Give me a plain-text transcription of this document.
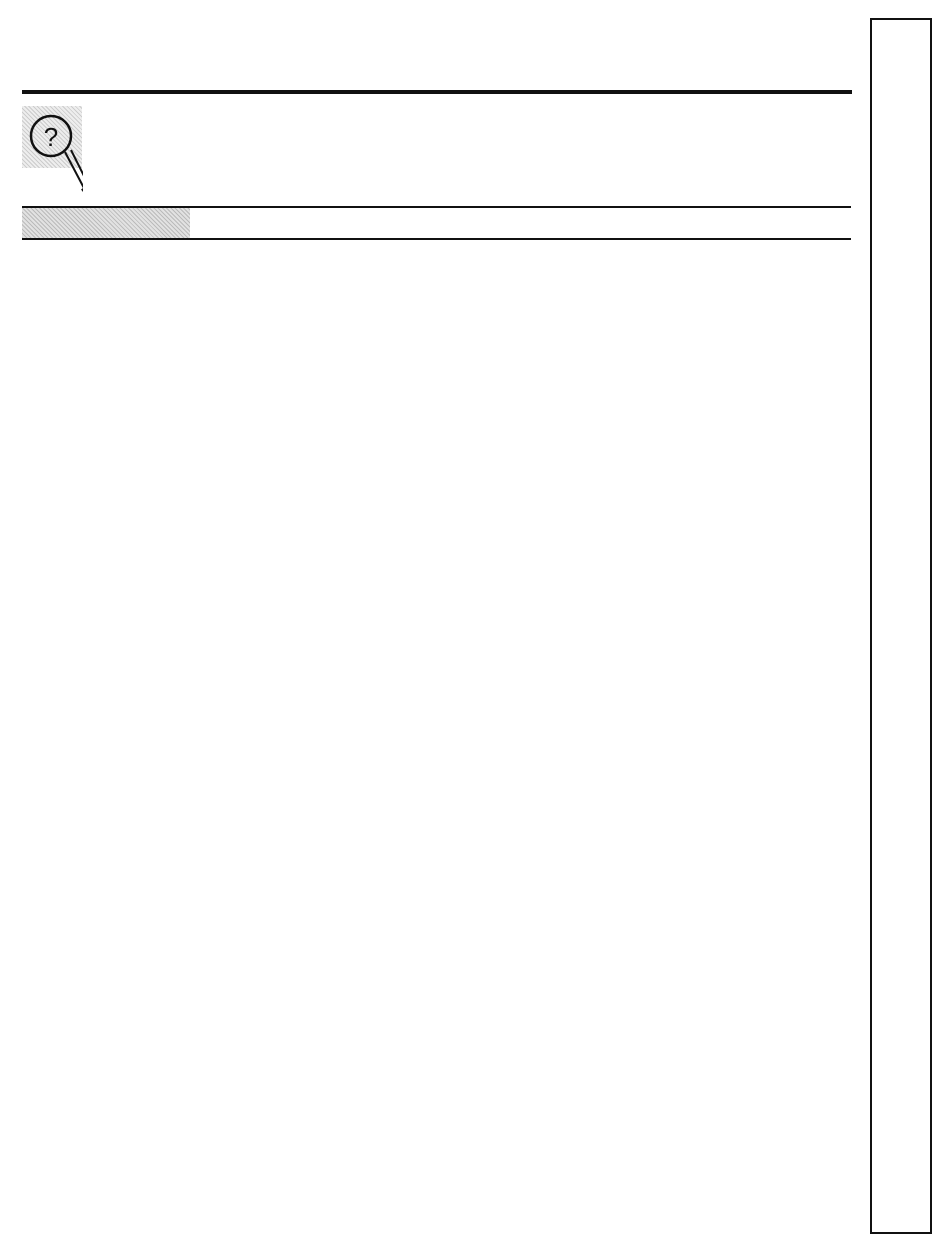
?
